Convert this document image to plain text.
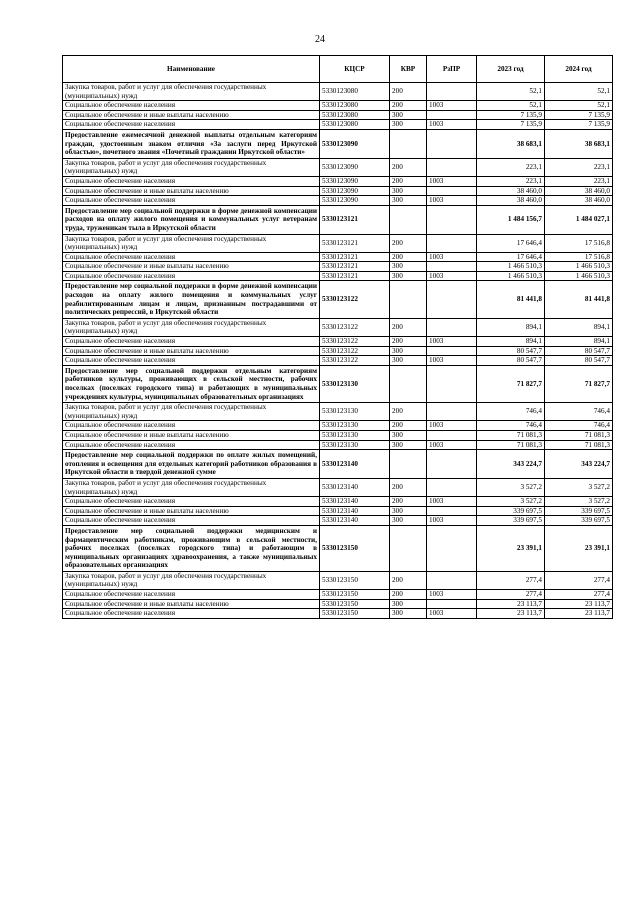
24
Наименование	КЦСР	КВР	РзПР	2023 год	2024 год
Закупка товаров, работ и услуг для обеспечения государственных (муниципальных) нужд	5330123080	200		52,1	52,1
Социальное обеспечение населения	5330123080	200	1003	52,1	52,1
Социальное обеспечение и иные выплаты населению	5330123080	300		7 135,9	7 135,9
Социальное обеспечение населения	5330123080	300	1003	7 135,9	7 135,9
Предоставление ежемесячной денежной выплаты отдельным категориям граждан, удостоенным знаком отличия «За заслуги перед Иркутской областью», почетного звания «Почетный гражданин Иркутской области»	5330123090			38 683,1	38 683,1
Закупка товаров, работ и услуг для обеспечения государственных (муниципальных) нужд	5330123090	200		223,1	223,1
Социальное обеспечение населения	5330123090	200	1003	223,1	223,1
Социальное обеспечение и иные выплаты населению	5330123090	300		38 460,0	38 460,0
Социальное обеспечение населения	5330123090	300	1003	38 460,0	38 460,0
Предоставление мер социальной поддержки в форме денежной компенсации расходов на оплату жилого помещения и коммунальных услуг ветеранам труда, труженикам тыла в Иркутской области	5330123121			1 484 156,7	1 484 027,1
Закупка товаров, работ и услуг для обеспечения государственных (муниципальных) нужд	5330123121	200		17 646,4	17 516,8
Социальное обеспечение населения	5330123121	200	1003	17 646,4	17 516,8
Социальное обеспечение и иные выплаты населению	5330123121	300		1 466 510,3	1 466 510,3
Социальное обеспечение населения	5330123121	300	1003	1 466 510,3	1 466 510,3
Предоставление мер социальной поддержки в форме денежной компенсации расходов на оплату жилого помещения и коммунальных услуг реабилитированным лицам и лицам, признанным пострадавшими от политических репрессий, в Иркутской области	5330123122			81 441,8	81 441,8
Закупка товаров, работ и услуг для обеспечения государственных (муниципальных) нужд	5330123122	200		894,1	894,1
Социальное обеспечение населения	5330123122	200	1003	894,1	894,1
Социальное обеспечение и иные выплаты населению	5330123122	300		80 547,7	80 547,7
Социальное обеспечение населения	5330123122	300	1003	80 547,7	80 547,7
Предоставление мер социальной поддержки отдельным категориям работников культуры, проживающих в сельской местности, рабочих поселках (поселках городского типа) и работающих в муниципальных учреждениях культуры, муниципальных образовательных организациях	5330123130			71 827,7	71 827,7
Закупка товаров, работ и услуг для обеспечения государственных (муниципальных) нужд	5330123130	200		746,4	746,4
Социальное обеспечение населения	5330123130	200	1003	746,4	746,4
Социальное обеспечение и иные выплаты населению	5330123130	300		71 081,3	71 081,3
Социальное обеспечение населения	5330123130	300	1003	71 081,3	71 081,3
Предоставление мер социальной поддержки по оплате жилых помещений, отопления и освещения для отдельных категорий работников образования в Иркутской области в твердой денежной сумме	5330123140			343 224,7	343 224,7
Закупка товаров, работ и услуг для обеспечения государственных (муниципальных) нужд	5330123140	200		3 527,2	3 527,2
Социальное обеспечение населения	5330123140	200	1003	3 527,2	3 527,2
Социальное обеспечение и иные выплаты населению	5330123140	300		339 697,5	339 697,5
Социальное обеспечение населения	5330123140	300	1003	339 697,5	339 697,5
Предоставление мер социальной поддержки медицинским и фармацевтическим работникам, проживающим в сельской местности, рабочих поселках (поселках городского типа) и работающим в муниципальных организациях здравоохранения, а также муниципальных образовательных организациях	5330123150			23 391,1	23 391,1
Закупка товаров, работ и услуг для обеспечения государственных (муниципальных) нужд	5330123150	200		277,4	277,4
Социальное обеспечение населения	5330123150	200	1003	277,4	277,4
Социальное обеспечение и иные выплаты населению	5330123150	300		23 113,7	23 113,7
Социальное обеспечение населения	5330123150	300	1003	23 113,7	23 113,7
